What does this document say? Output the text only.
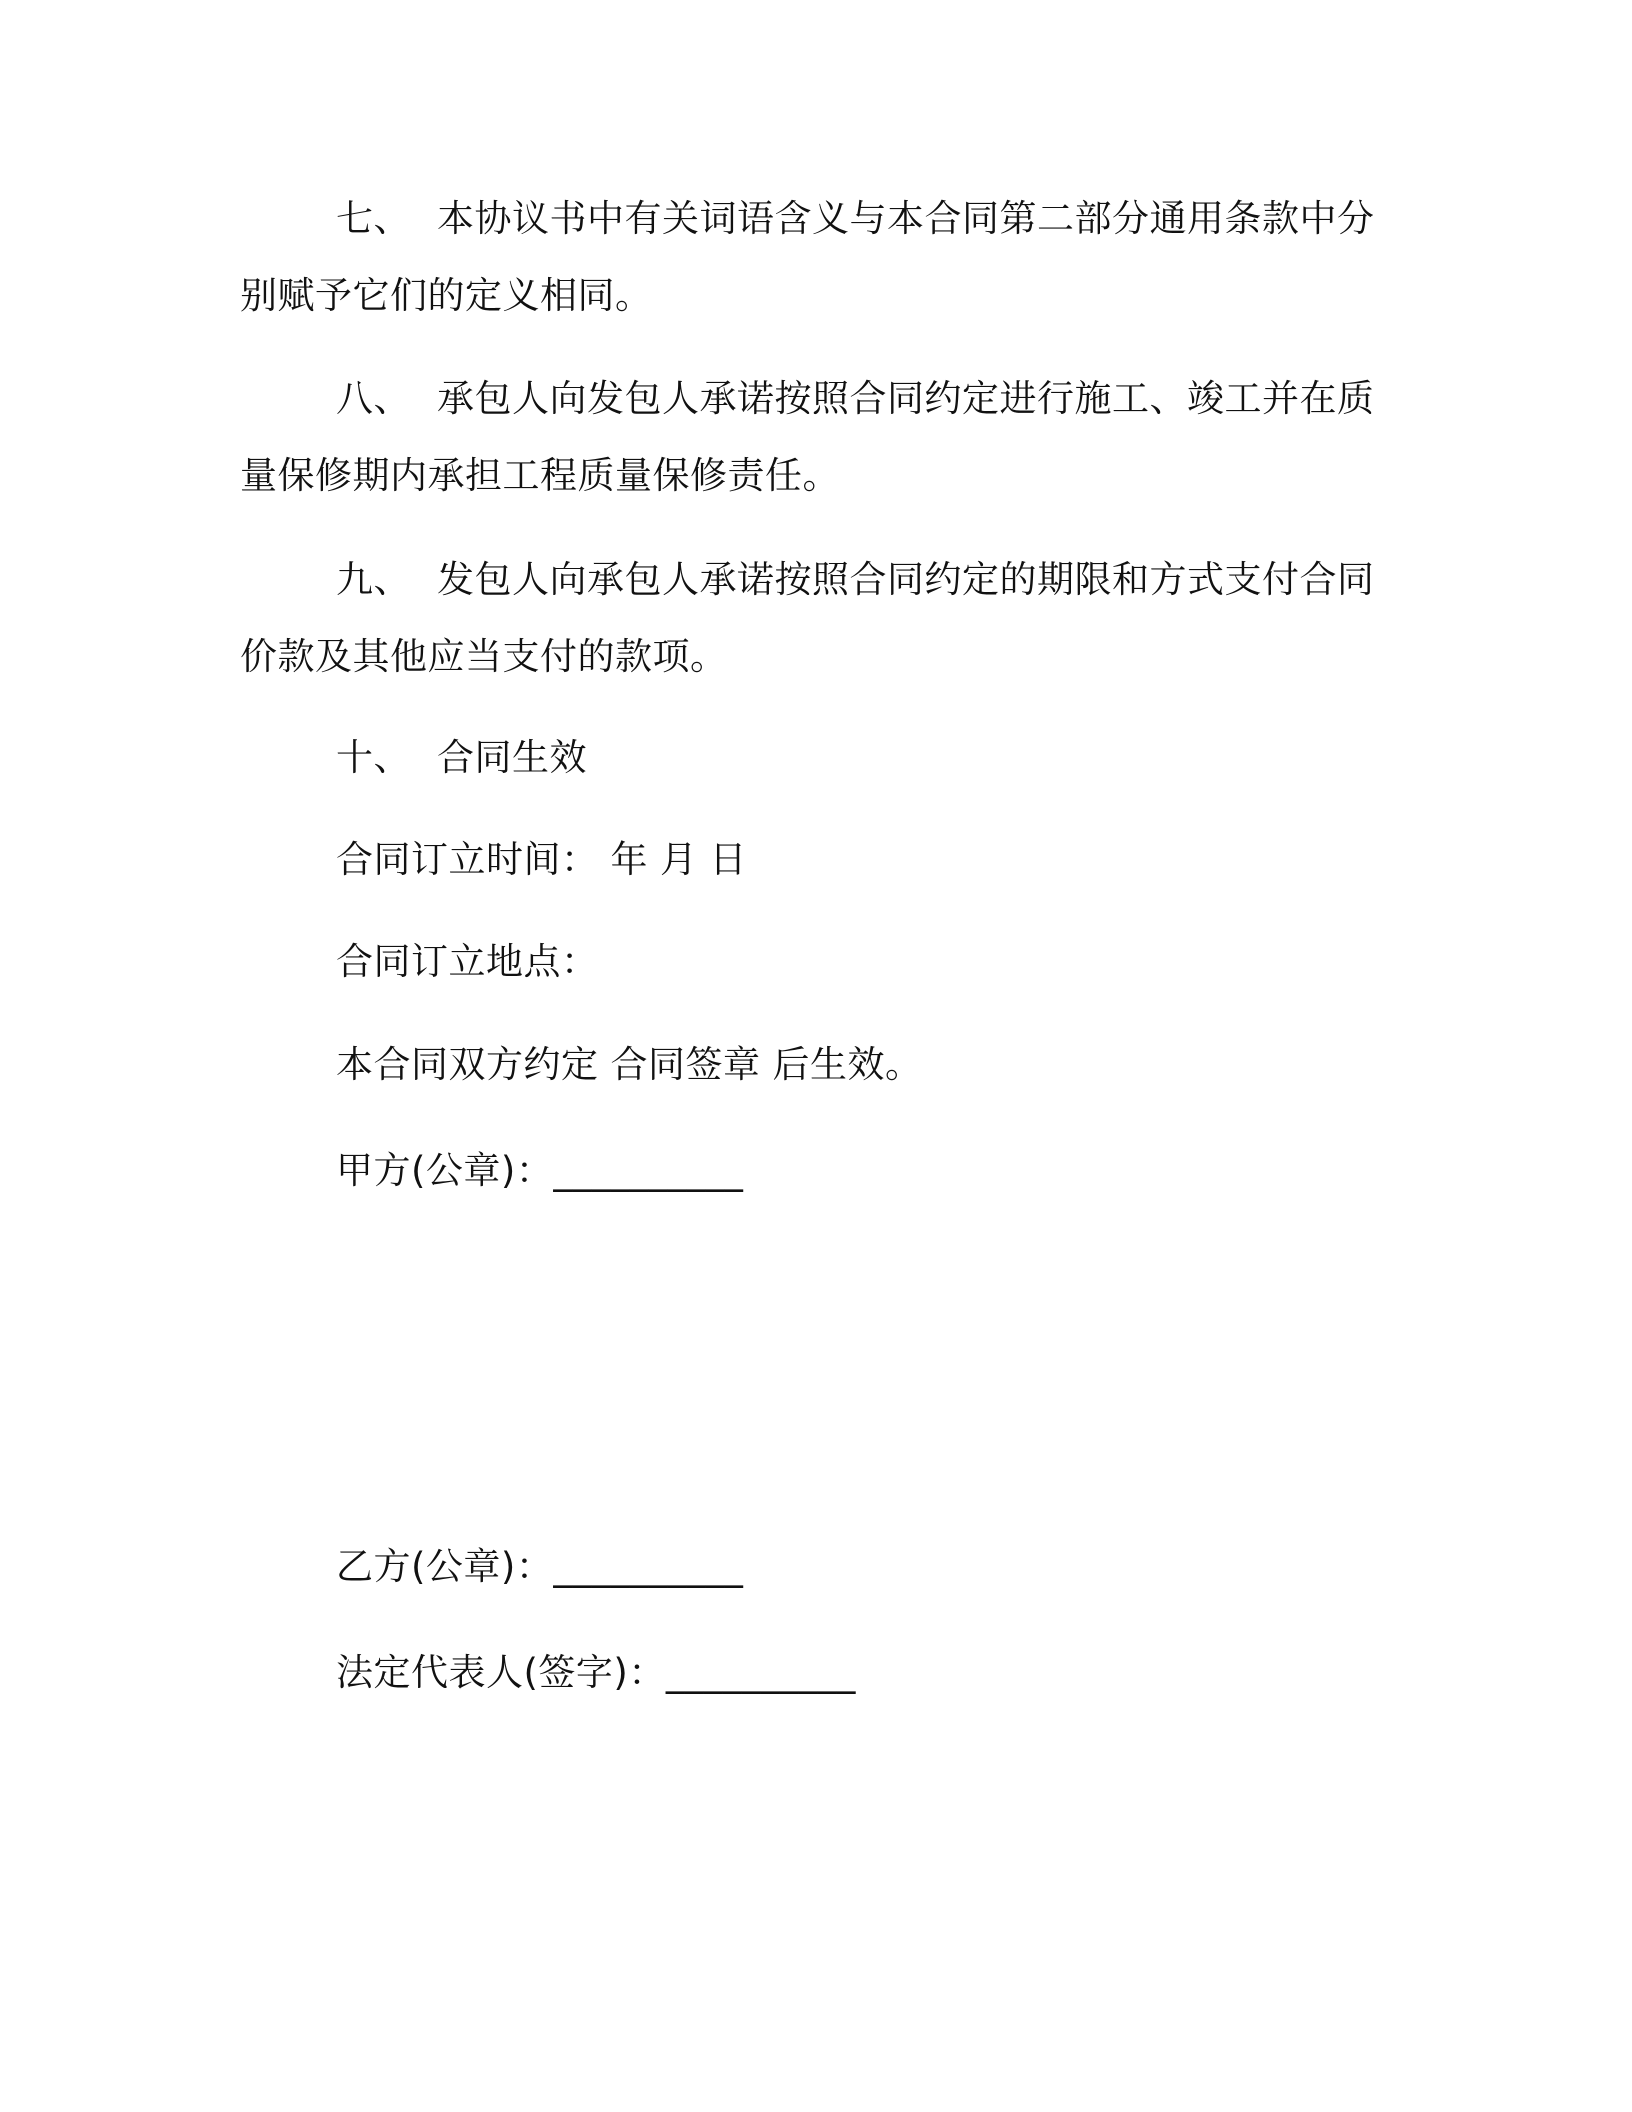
七、 本协议书中有关词语含义与本合同第二部分通用条款中分别赋予它们的定义相同。

八、 承包人向发包人承诺按照合同约定进行施工、竣工并在质量保修期内承担工程质量保修责任。

九、 发包人向承包人承诺按照合同约定的期限和方式支付合同价款及其他应当支付的款项。

十、 合同生效

合同订立时间： 年 月 日

合同订立地点：

本合同双方约定 合同签章 后生效。

甲方(公章)：__________

乙方(公章)：__________

法定代表人(签字)：__________
